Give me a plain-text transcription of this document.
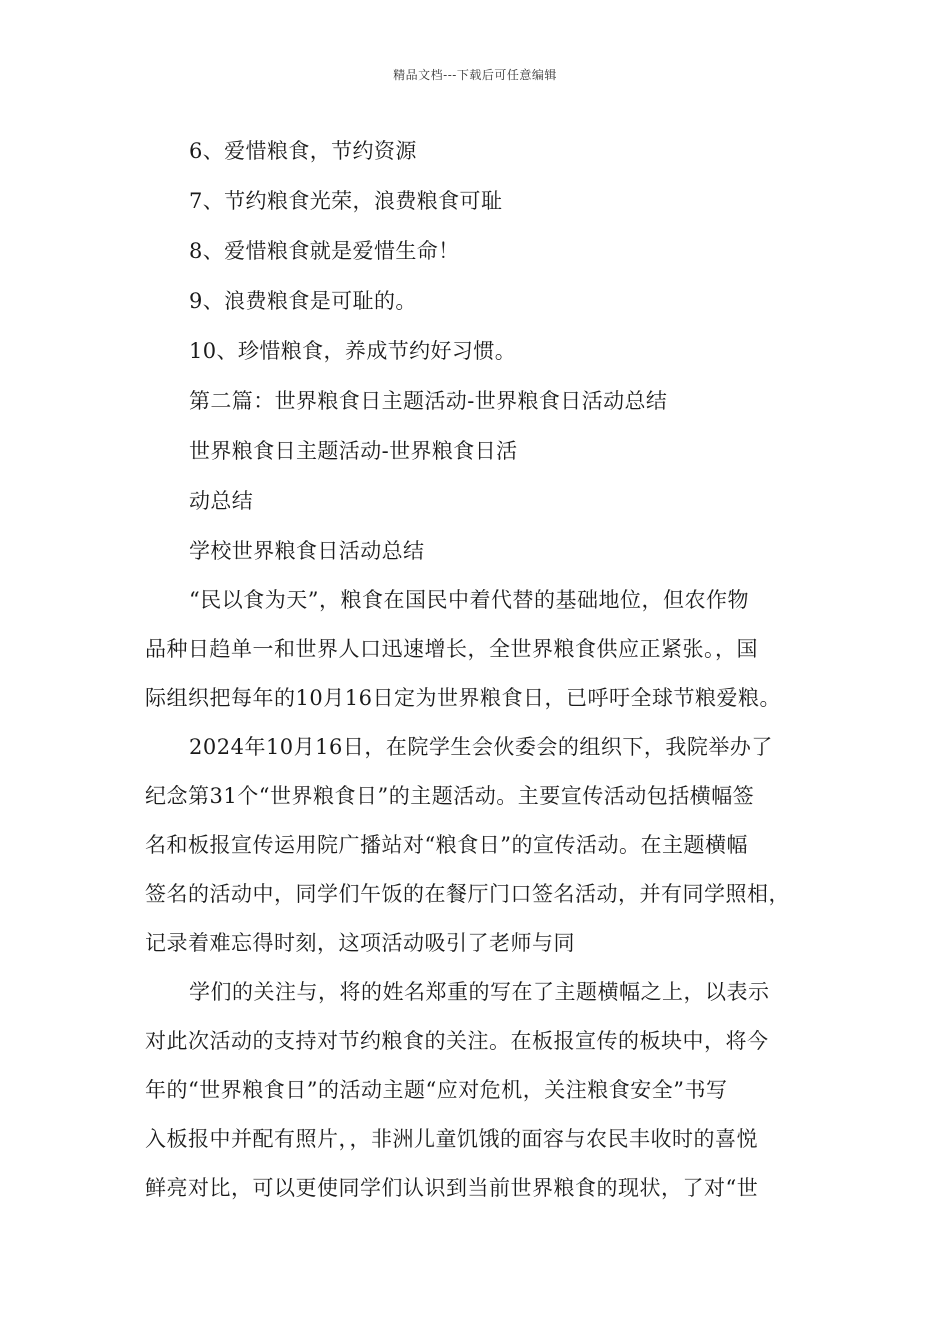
精品文档---下载后可任意编辑
6、爱惜粮食，节约资源
7、节约粮食光荣，浪费粮食可耻
8、爱惜粮食就是爱惜生命！
9、浪费粮食是可耻的。
10、珍惜粮食，养成节约好习惯。
第二篇：世界粮食日主题活动-世界粮食日活动总结
世界粮食日主题活动-世界粮食日活
动总结
学校世界粮食日活动总结
“民以食为天”，粮食在国民中着代替的基础地位，但农作物
品种日趋单一和世界人口迅速增长，全世界粮食供应正紧张。，国
际组织把每年的10月16日定为世界粮食日，已呼吁全球节粮爱粮。
2024年10月16日，在院学生会伙委会的组织下，我院举办了
纪念第31个“世界粮食日”的主题活动。主要宣传活动包括横幅签
名和板报宣传运用院广播站对“粮食日”的宣传活动。在主题横幅
签名的活动中，同学们午饭的在餐厅门口签名活动，并有同学照相，
记录着难忘得时刻，这项活动吸引了老师与同
学们的关注与，将的姓名郑重的写在了主题横幅之上，以表示
对此次活动的支持对节约粮食的关注。在板报宣传的板块中，将今
年的“世界粮食日”的活动主题“应对危机，关注粮食安全”书写
入板报中并配有照片，，非洲儿童饥饿的面容与农民丰收时的喜悦
鲜亮对比，可以更使同学们认识到当前世界粮食的现状，了对“世
